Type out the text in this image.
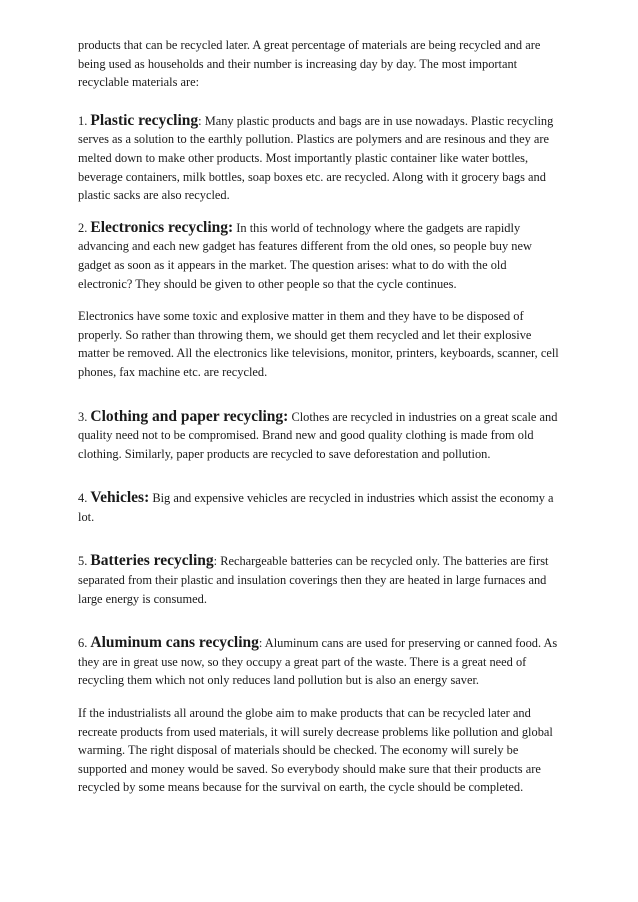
products that can be recycled later. A great percentage of materials are being recycled and are being used as households and their number is increasing day by day. The most important recyclable materials are:

1. Plastic recycling: Many plastic products and bags are in use nowadays. Plastic recycling serves as a solution to the earthly pollution. Plastics are polymers and are resinous and they are melted down to make other products. Most importantly plastic container like water bottles, beverage containers, milk bottles, soap boxes etc. are recycled. Along with it grocery bags and plastic sacks are also recycled.

2. Electronics recycling: In this world of technology where the gadgets are rapidly advancing and each new gadget has features different from the old ones, so people buy new gadget as soon as it appears in the market. The question arises: what to do with the old electronic? They should be given to other people so that the cycle continues.

Electronics have some toxic and explosive matter in them and they have to be disposed of properly. So rather than throwing them, we should get them recycled and let their explosive matter be removed. All the electronics like televisions, monitor, printers, keyboards, scanner, cell phones, fax machine etc. are recycled.

3. Clothing and paper recycling: Clothes are recycled in industries on a great scale and quality need not to be compromised. Brand new and good quality clothing is made from old clothing. Similarly, paper products are recycled to save deforestation and pollution.

4. Vehicles: Big and expensive vehicles are recycled in industries which assist the economy a lot.

5. Batteries recycling: Rechargeable batteries can be recycled only. The batteries are first separated from their plastic and insulation coverings then they are heated in large furnaces and large energy is consumed.

6. Aluminum cans recycling: Aluminum cans are used for preserving or canned food. As they are in great use now, so they occupy a great part of the waste. There is a great need of recycling them which not only reduces land pollution but is also an energy saver.

If the industrialists all around the globe aim to make products that can be recycled later and recreate products from used materials, it will surely decrease problems like pollution and global warming. The right disposal of materials should be checked. The economy will surely be supported and money would be saved. So everybody should make sure that their products are recycled by some means because for the survival on earth, the cycle should be completed.
